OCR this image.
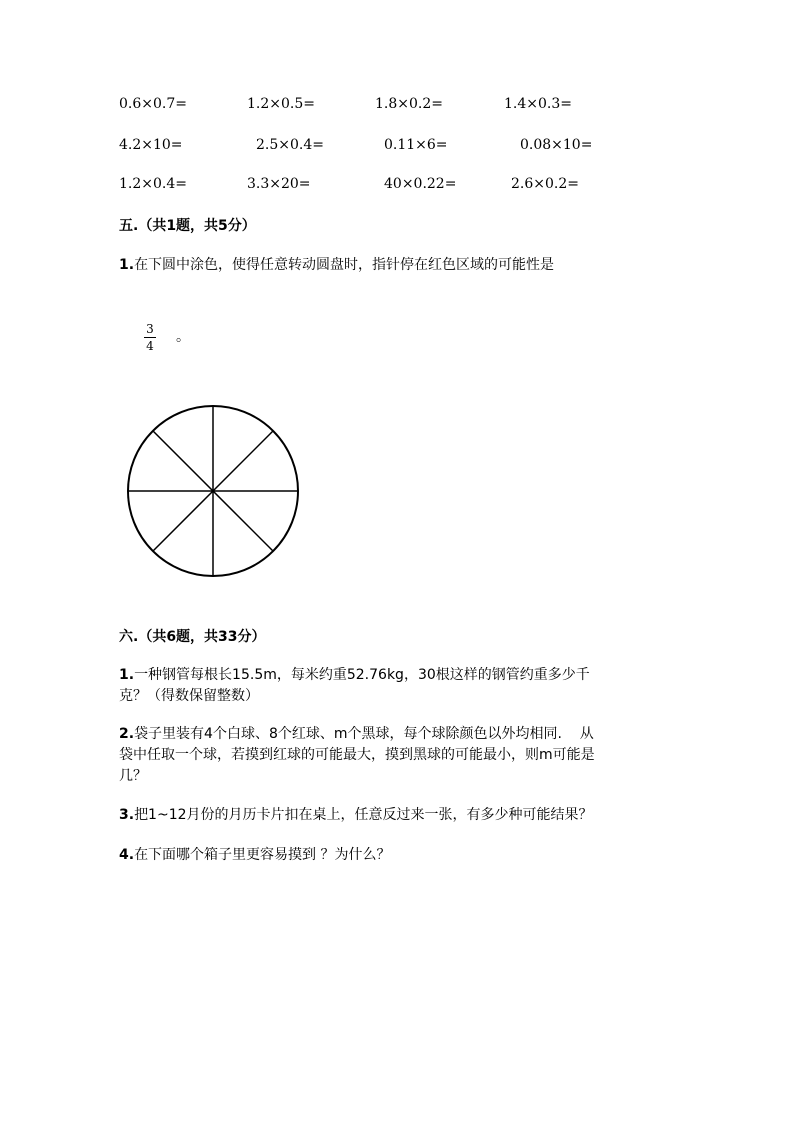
0.6×0.7=	1.2×0.5=	1.8×0.2=	1.4×0.3=
4.2×10=	2.5×0.4=	0.11×6=	0.08×10=
1.2×0.4=	3.3×20=	40×0.22=	2.6×0.2=
五.（共1题，共5分）
1.在下圆中涂色，使得任意转动圆盘时，指针停在红色区域的可能性是
3
4
。
六.（共6题，共33分）
1.一种钢管每根长15.5m，每米约重52.76kg，30根这样的钢管约重多少千
克？（得数保留整数）
2.袋子里装有4个白球、8个红球、m个黑球，每个球除颜色以外均相同.    从
袋中任取一个球，若摸到红球的可能最大，摸到黑球的可能最小，则m可能是
几？
3.把1~12月份的月历卡片扣在桌上，任意反过来一张，有多少种可能结果？
4.在下面哪个箱子里更容易摸到 ？为什么？
